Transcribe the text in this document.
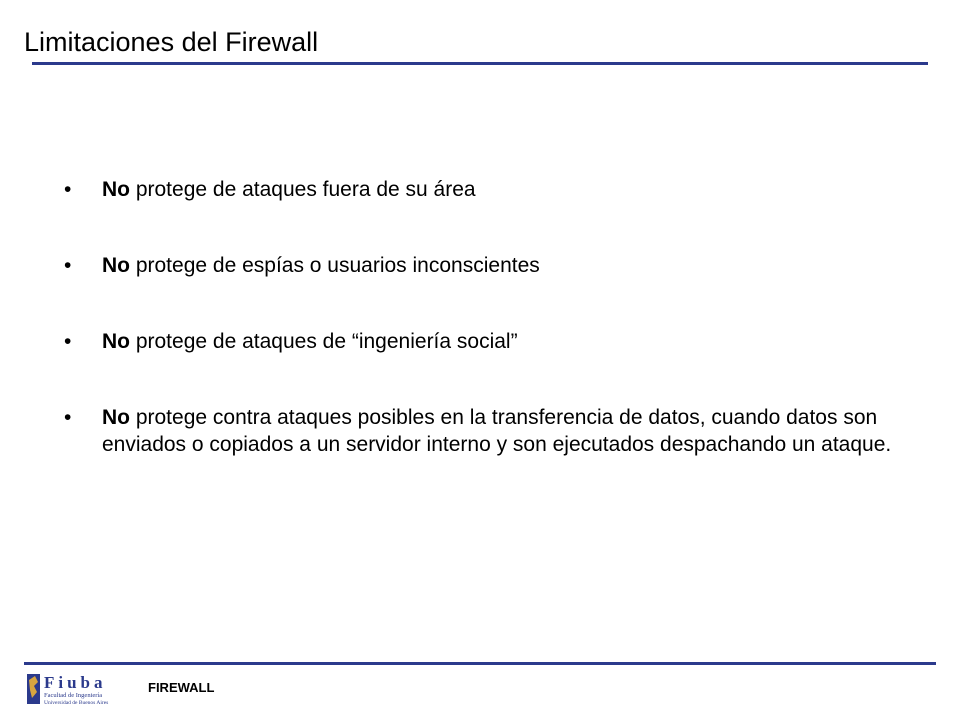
Limitaciones del Firewall
• No protege de ataques fuera de su área
• No protege de espías o usuarios inconscientes
• No protege de ataques de “ingeniería social”
• No protege contra ataques posibles en la transferencia de datos, cuando datos son enviados o copiados a un servidor interno y son ejecutados despachando un ataque.
Fiuba
Facultad de Ingeniería
Universidad de Buenos Aires
FIREWALL
